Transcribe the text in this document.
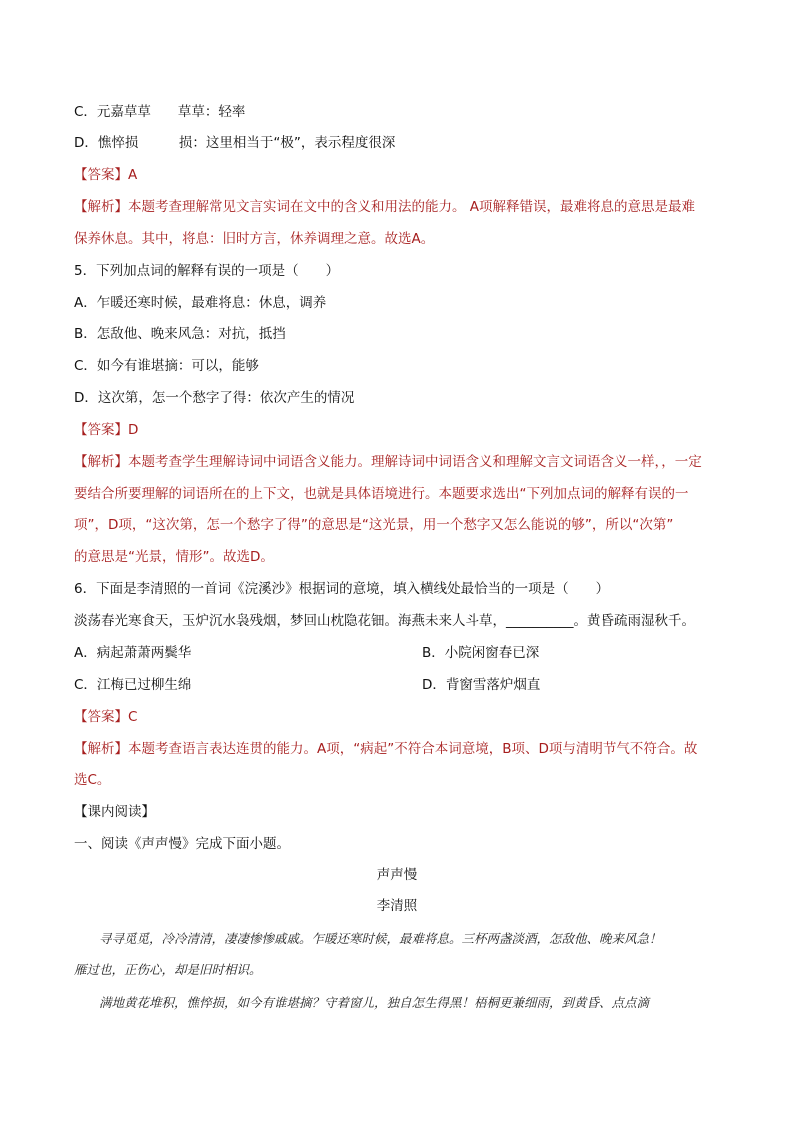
C．元嘉草草　　草草：轻率
D．憔悴损　　　损：这里相当于“极”，表示程度很深
【答案】A
【解析】本题考查理解常见文言实词在文中的含义和用法的能力。 A项解释错误，最难将息的意思是最难
保养休息。其中，将息：旧时方言，休养调理之意。故选A。
5．下列加点词的解释有误的一项是（　　）
A．乍暖还寒时候，最难将息：休息，调养
B．怎敌他、晚来风急：对抗，抵挡
C．如今有谁堪摘：可以，能够
D．这次第，怎一个愁字了得：依次产生的情况
【答案】D
【解析】本题考查学生理解诗词中词语含义能力。理解诗词中词语含义和理解文言文词语含义一样，，一定
要结合所要理解的词语所在的上下文，也就是具体语境进行。本题要求选出“下列加点词的解释有误的一
项”，D项，“这次第，怎一个愁字了得”的意思是“这光景，用一个愁字又怎么能说的够”，所以“次第”
的意思是“光景，情形”。故选D。
6．下面是李清照的一首词《浣溪沙》根据词的意境，填入横线处最恰当的一项是（　　）
淡荡春光寒食天，玉炉沉水袅残烟，梦回山枕隐花钿。海燕未来人斗草，__________。黄昏疏雨湿秋千。
A．病起萧萧两鬓华	B．小院闲窗春已深
C．江梅已过柳生绵	D．背窗雪落炉烟直
【答案】C
【解析】本题考查语言表达连贯的能力。A项，“病起”不符合本词意境，B项、D项与清明节气不符合。故
选C。
【课内阅读】
一、阅读《声声慢》完成下面小题。
声声慢
李清照
　　寻寻觅觅，冷冷清清，凄凄惨惨戚戚。乍暖还寒时候，最难将息。三杯两盏淡酒，怎敌他、晚来风急！
雁过也，正伤心，却是旧时相识。
　　满地黄花堆积，憔悴损，如今有谁堪摘？守着窗儿，独自怎生得黑！梧桐更兼细雨，到黄昏、点点滴
